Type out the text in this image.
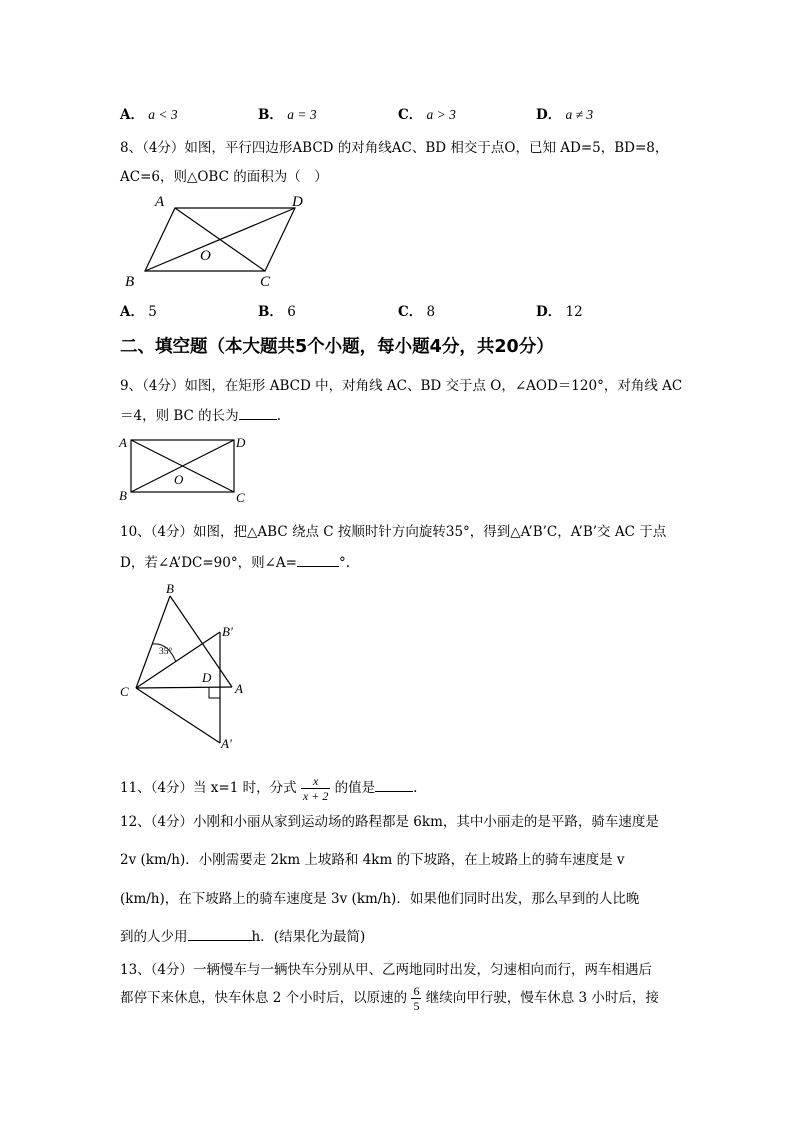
A． a < 3	B． a = 3	C． a > 3	D． a ≠ 3
8、（4分）如图，平行四边形ABCD 的对角线AC、BD 相交于点O，已知 AD=5，BD=8，
AC=6，则△OBC 的面积为（　）
A	D
B	C
O
A． 5	B． 6	C． 8	D． 12
二、填空题（本大题共5个小题，每小题4分，共20分）
9、（4分）如图，在矩形 ABCD 中，对角线 AC、BD 交于点 O，∠AOD＝120°，对角线 AC
＝4，则 BC 的长为	.
A	D
B	C
O
10、（4分）如图，把△ABC 绕点 C 按顺时针方向旋转35°，得到△A’B’C，A’B’交 AC 于点
D，若∠A’DC=90°，则∠A=	°.
35°
B
B′
C
D
A
A′
11、（4分）当 x=1 时，分式 $\frac{x}{x + 2}$ 的值是	.
12、（4分）小刚和小丽从家到运动场的路程都是 6km，其中小丽走的是平路，骑车速度是
2v (km/h)．小刚需要走 2km 上坡路和 4km 的下坡路，在上坡路上的骑车速度是 v
(km/h)，在下坡路上的骑车速度是 3v (km/h)．如果他们同时出发，那么早到的人比晚
到的人少用	h．(结果化为最简)
13、（4分）一辆慢车与一辆快车分别从甲、乙两地同时出发，匀速相向而行，两车相遇后
都停下来休息，快车休息 2 个小时后，以原速的 $\frac{6}{5}$ 继续向甲行驶，慢车休息 3 小时后，接
